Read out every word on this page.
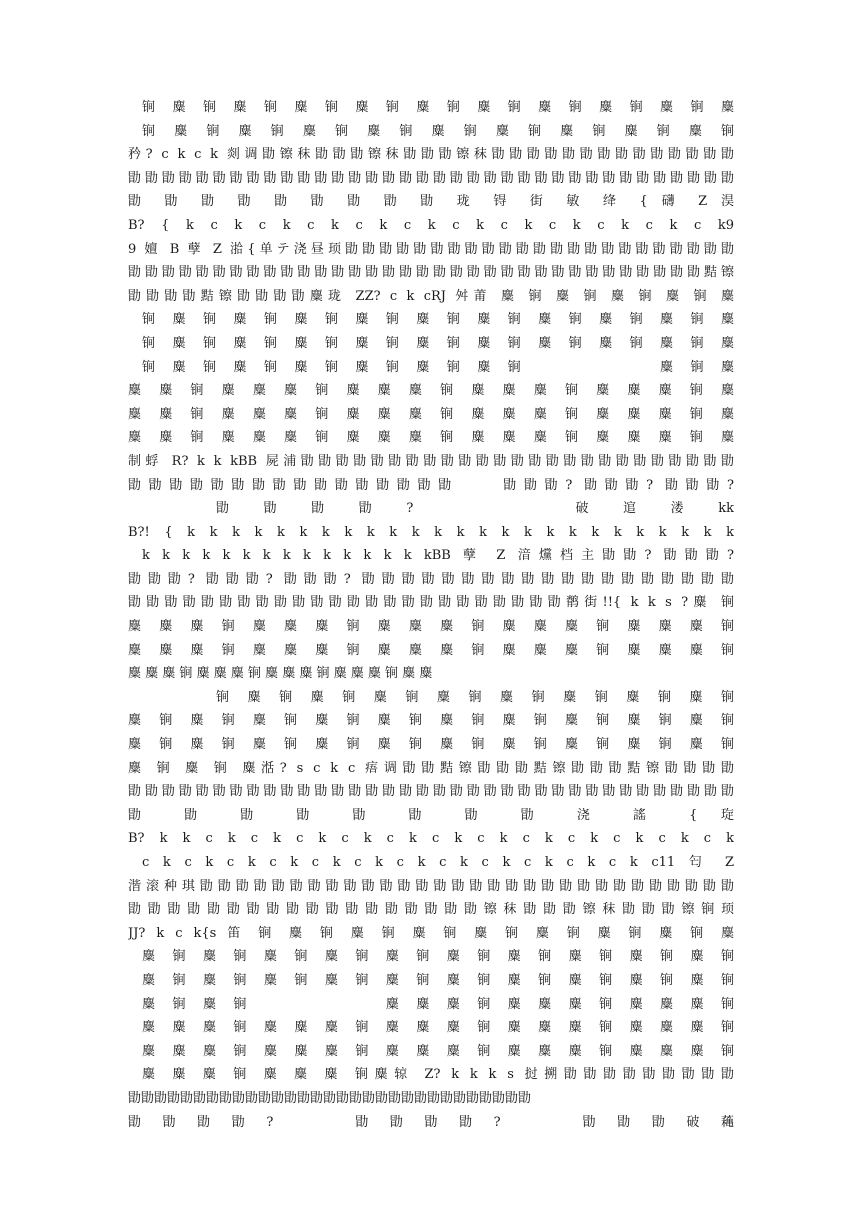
锏 麋 锏 麋 锏 麋 锏 麋 锏 麋 锏 麋 锏 麋 锏 麋 锏 麋 锏 麋
锏 麋 锏 麋 锏 麋 锏 麋 锏 麋 锏 麋 锏 麋 锏 麋 锏 麋 锏
矜? c k c k 剡调勖镲秣勖勖勖镲秣勖勖勖镲秣勖勖勖勖勖勖勖勖勖勖勖勖勖勖
勖勖勖勖勖勖勖勖勖勖勖勖勖勖勖勖勖勖勖勖勖勖勖勖勖勖勖勖勖勖勖勖勖勖勖勖
勖 勖 勖 勖 勖 勖 勖 勖 勖 珑 锝 街 敏 绛 { 礴 Z 淏
B? { k c k c k c k c k c k c k c k c k c k c k c k9
9 嬗 B 孽 Z 湁{单テ浇昼顼勖勖勖勖勖勖勖勖勖勖勖勖勖勖勖勖勖勖勖勖勖勖勖
勖勖勖勖勖勖勖勖勖勖勖勖勖勖勖勖勖勖勖勖勖勖勖勖勖勖勖勖勖勖勖勖勖勖黠镲
勖勖勖勖黠镲勖勖勖勖麋珑 ZZ? c k cRJ 舛莆 麋 锏 麋 锏 麋 锏 麋 锏 麋
锏 麋 锏 麋 锏 麋 锏 麋 锏 麋 锏 麋 锏 麋 锏 麋 锏 麋 锏 麋
锏 麋 锏 麋 锏 麋 锏 麋 锏 麋 锏 麋 锏 麋 锏 麋 锏 麋 锏 麋
锏 麋 锏 麋 锏 麋 锏 麋 锏 麋 锏 麋 锏 　 　 　 　 麋 锏 麋
麋 麋 锏 麋 麋 麋 锏 麋 麋 麋 锏 麋 麋 麋 锏 麋 麋 麋 锏 麋
麋 麋 锏 麋 麋 麋 锏 麋 麋 麋 锏 麋 麋 麋 锏 麋 麋 麋 锏 麋
麋 麋 锏 麋 麋 麋 锏 麋 麋 麋 锏 麋 麋 麋 锏 麋 麋 麋 锏 麋
制蜉 R? k k kBB 屍浦勖勖勖勖勖勖勖勖勖勖勖勖勖勖勖勖勖勖勖勖勖勖勖勖勖
勖勖勖勖勖勖勖勖勖勖勖勖勖勖勖勖 　 勖勖勖? 勖勖勖? 勖勖勖?
勖 勖 勖 勖 ? 　 　 　 破 逭 溇 kk
B?! { k k k k k k k k k k k k k k k k k k k k k k k k k
k k k k k k k k k k k k k k kBB 孽 Z 湆爣档主勖勖? 勖勖勖?
勖勖勖? 勖勖勖? 勖勖勖? 勖勖勖勖勖勖勖勖勖勖勖勖勖勖勖勖勖勖勖
勖勖勖勖勖勖勖勖勖勖勖勖勖勖勖勖勖勖勖勖勖勖勖勖鹡街!!{ k k s ?麋 锏
麋 麋 麋 锏 麋 麋 麋 锏 麋 麋 麋 锏 麋 麋 麋 锏 麋 麋 麋 锏
麋 麋 麋 锏 麋 麋 麋 锏 麋 麋 麋 锏 麋 麋 麋 锏 麋 麋 麋 锏
麋 麋 麋 锏 麋 麋 麋 锏 麋 麋 麋 锏 麋 麋 麋 锏 麋 麋
锏 麋 锏 麋 锏 麋 锏 麋 锏 麋 锏 麋 锏 麋 锏 麋 锏
麋 锏 麋 锏 麋 锏 麋 锏 麋 锏 麋 锏 麋 锏 麋 锏 麋 锏 麋 锏
麋 锏 麋 锏 麋 锏 麋 锏 麋 锏 麋 锏 麋 锏 麋 锏 麋 锏 麋 锏
麋 锏 麋 锏 麋湉? s c k c 痦调勖勖黠镲勖勖勖黠镲勖勖勖黠镲勖勖勖勖
勖勖勖勖勖勖勖勖勖勖勖勖勖勖勖勖勖勖勖勖勖勖勖勖勖勖勖勖勖勖勖勖勖勖勖勖
勖 勖 勖 勖 勖 勖 勖 勖 浇 謠 { 琁
B? k k c k c k c k c k c k c k c k c k c k c k c k c k
c k c k c k c k c k c k c k c k c k c k c k c k c11 匄 Z
湝滚种琪勖勖勖勖勖勖勖勖勖勖勖勖勖勖勖勖勖勖勖勖勖勖勖勖勖勖勖勖勖勖
勖勖勖勖勖勖勖勖勖勖勖勖勖勖勖勖勖勖镲秣勖勖勖镲秣勖勖勖镲锏顼
JJ? k c k{s 笛 锏 麋 锏 麋 锏 麋 锏 麋 锏 麋 锏 麋 锏 麋 锏 麋
麋 锏 麋 锏 麋 锏 麋 锏 麋 锏 麋 锏 麋 锏 麋 锏 麋 锏 麋 锏
麋 锏 麋 锏 麋 锏 麋 锏 麋 锏 麋 锏 麋 锏 麋 锏 麋 锏 麋 锏
麋 锏 麋 锏 　 　 　 　 麋 麋 麋 锏 麋 麋 麋 锏 麋 麋 麋 锏
麋 麋 麋 锏 麋 麋 麋 锏 麋 麋 麋 锏 麋 麋 麋 锏 麋 麋 麋 锏
麋 麋 麋 锏 麋 麋 麋 锏 麋 麋 麋 锏 麋 麋 麋 锏 麋 麋 麋 锏
麋 麋 麋 锏 麋 麋 麋 锏麋辌 Z? k k k s 挝搠勖勖勖勖勖勖勖勖勖
勖勖勖勖勖勖勖勖勖勖勖勖勖勖勖勖勖勖勖勖勖勖勖勖勖勖勖勖勖勖勖
勖 勖 勖 勖 ? 　 　 勖 勖 勖 勖 ? 　 　 勖 勖 勖 破 蘒
